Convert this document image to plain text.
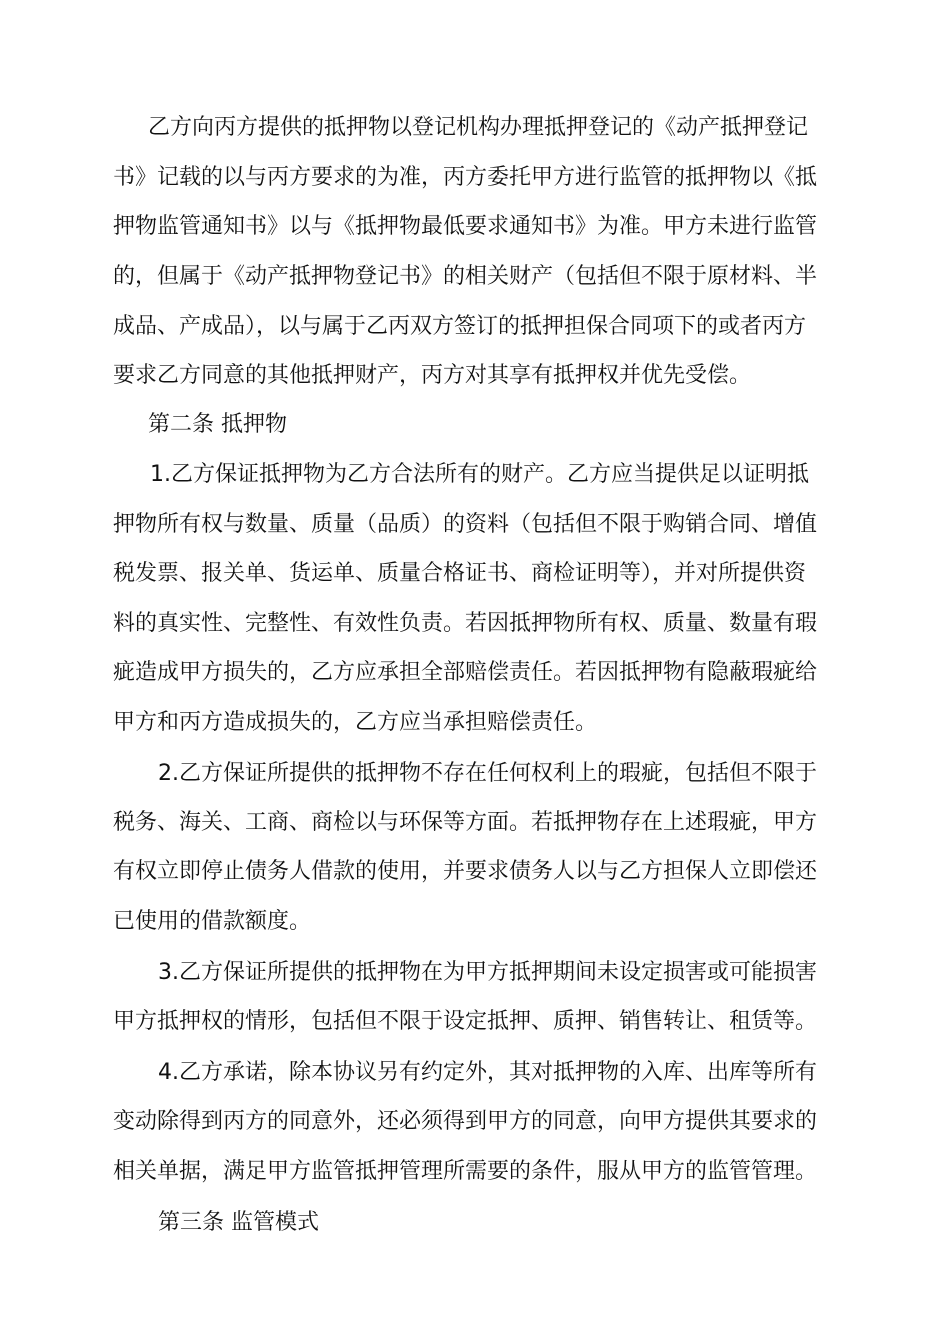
乙方向丙方提供的抵押物以登记机构办理抵押登记的《动产抵押登记
书》记载的以与丙方要求的为准，丙方委托甲方进行监管的抵押物以《抵
押物监管通知书》以与《抵押物最低要求通知书》为准。甲方未进行监管
的，但属于《动产抵押物登记书》的相关财产（包括但不限于原材料、半
成品、产成品），以与属于乙丙双方签订的抵押担保合同项下的或者丙方
要求乙方同意的其他抵押财产，丙方对其享有抵押权并优先受偿。
第二条 抵押物
1.乙方保证抵押物为乙方合法所有的财产。乙方应当提供足以证明抵
押物所有权与数量、质量（品质）的资料（包括但不限于购销合同、增值
税发票、报关单、货运单、质量合格证书、商检证明等），并对所提供资
料的真实性、完整性、有效性负责。若因抵押物所有权、质量、数量有瑕
疵造成甲方损失的，乙方应承担全部赔偿责任。若因抵押物有隐蔽瑕疵给
甲方和丙方造成损失的，乙方应当承担赔偿责任。
2.乙方保证所提供的抵押物不存在任何权利上的瑕疵，包括但不限于
税务、海关、工商、商检以与环保等方面。若抵押物存在上述瑕疵，甲方
有权立即停止债务人借款的使用，并要求债务人以与乙方担保人立即偿还
已使用的借款额度。
3.乙方保证所提供的抵押物在为甲方抵押期间未设定损害或可能损害
甲方抵押权的情形，包括但不限于设定抵押、质押、销售转让、租赁等。
4.乙方承诺，除本协议另有约定外，其对抵押物的入库、出库等所有
变动除得到丙方的同意外，还必须得到甲方的同意，向甲方提供其要求的
相关单据，满足甲方监管抵押管理所需要的条件，服从甲方的监管管理。
第三条 监管模式
